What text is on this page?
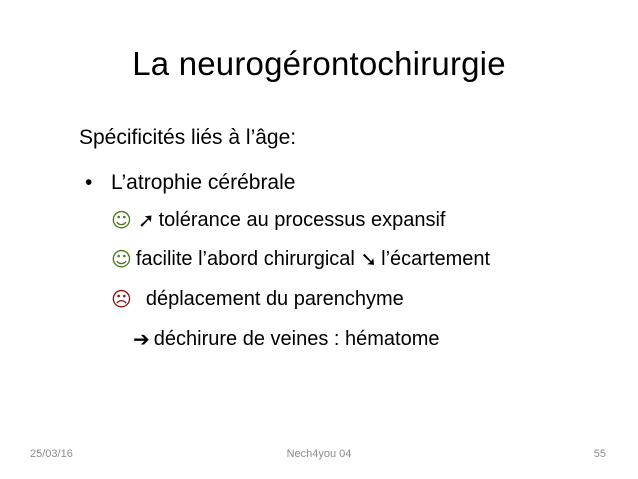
La neurogérontochirurgie
Spécificités liés à l’âge:
• L’atrophie cérébrale
☺ ➚ tolérance au processus expansif
☺ facilite l’abord chirurgical ➘ l’écartement
☹ déplacement du parenchyme
➔ déchirure de veines : hématome
25/03/16	Nech4you 04	55
